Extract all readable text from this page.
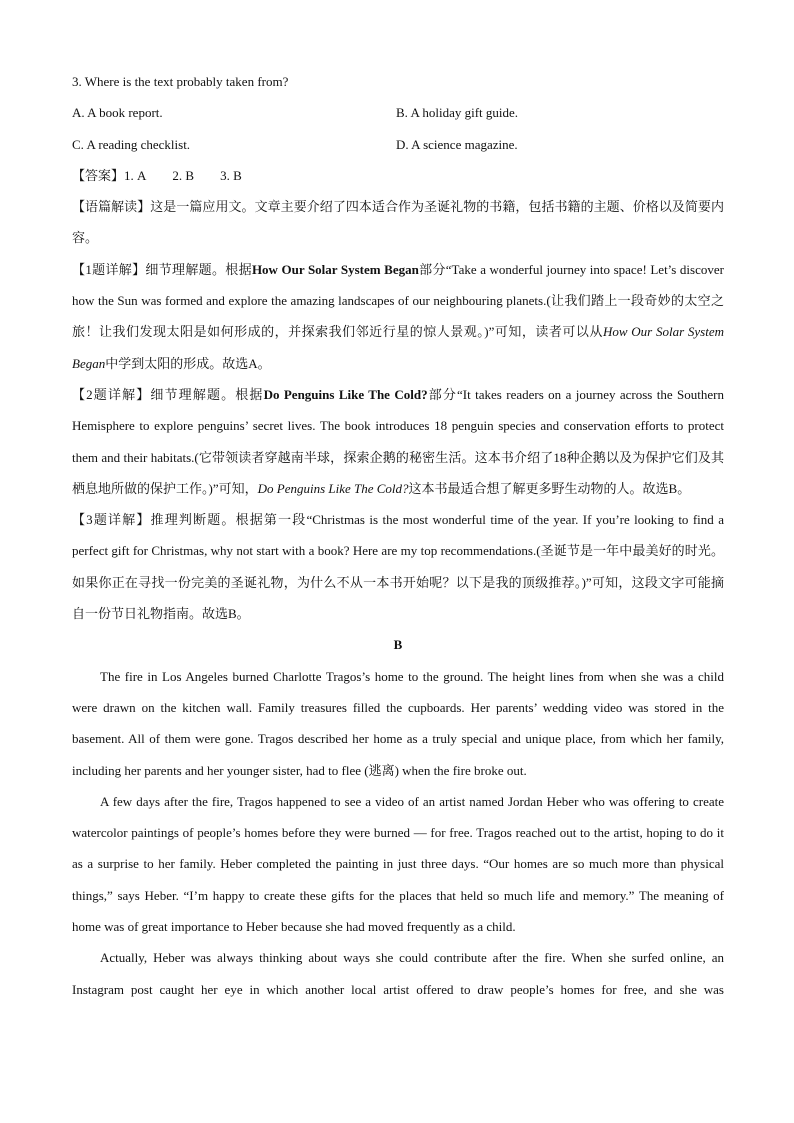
3. Where is the text probably taken from?
A. A book report.	B. A holiday gift guide.
C. A reading checklist.	D. A science magazine.
【答案】1. A 2. B 3. B

【语篇解读】这是一篇应用文。文章主要介绍了四本适合作为圣诞礼物的书籍，包括书籍的主题、价格以及简要内容。

【1题详解】细节理解题。根据How Our Solar System Began部分“Take a wonderful journey into space! Let’s discover how the Sun was formed and explore the amazing landscapes of our neighbouring planets.(让我们踏上一段奇妙的太空之旅！让我们发现太阳是如何形成的，并探索我们邻近行星的惊人景观。)”可知，读者可以从How Our Solar System Began中学到太阳的形成。故选A。

【2题详解】细节理解题。根据Do Penguins Like The Cold?部分“It takes readers on a journey across the Southern Hemisphere to explore penguins’ secret lives. The book introduces 18 penguin species and conservation efforts to protect them and their habitats.(它带领读者穿越南半球，探索企鹅的秘密生活。这本书介绍了18种企鹅以及为保护它们及其栖息地所做的保护工作。)”可知，Do Penguins Like The Cold?这本书最适合想了解更多野生动物的人。故选B。

【3题详解】推理判断题。根据第一段“Christmas is the most wonderful time of the year. If you’re looking to find a perfect gift for Christmas, why not start with a book? Here are my top recommendations.(圣诞节是一年中最美好的时光。如果你正在寻找一份完美的圣诞礼物，为什么不从一本书开始呢？以下是我的顶级推荐。)”可知，这段文字可能摘自一份节日礼物指南。故选B。

B

The fire in Los Angeles burned Charlotte Tragos’s home to the ground. The height lines from when she was a child were drawn on the kitchen wall. Family treasures filled the cupboards. Her parents’ wedding video was stored in the basement. All of them were gone. Tragos described her home as a truly special and unique place, from which her family, including her parents and her younger sister, had to flee (逃离) when the fire broke out.

A few days after the fire, Tragos happened to see a video of an artist named Jordan Heber who was offering to create watercolor paintings of people’s homes before they were burned — for free. Tragos reached out to the artist, hoping to do it as a surprise to her family. Heber completed the painting in just three days. “Our homes are so much more than physical things,” says Heber. “I’m happy to create these gifts for the places that held so much life and memory.” The meaning of home was of great importance to Heber because she had moved frequently as a child.

Actually, Heber was always thinking about ways she could contribute after the fire. When she surfed online, an Instagram post caught her eye in which another local artist offered to draw people’s homes for free, and she was
